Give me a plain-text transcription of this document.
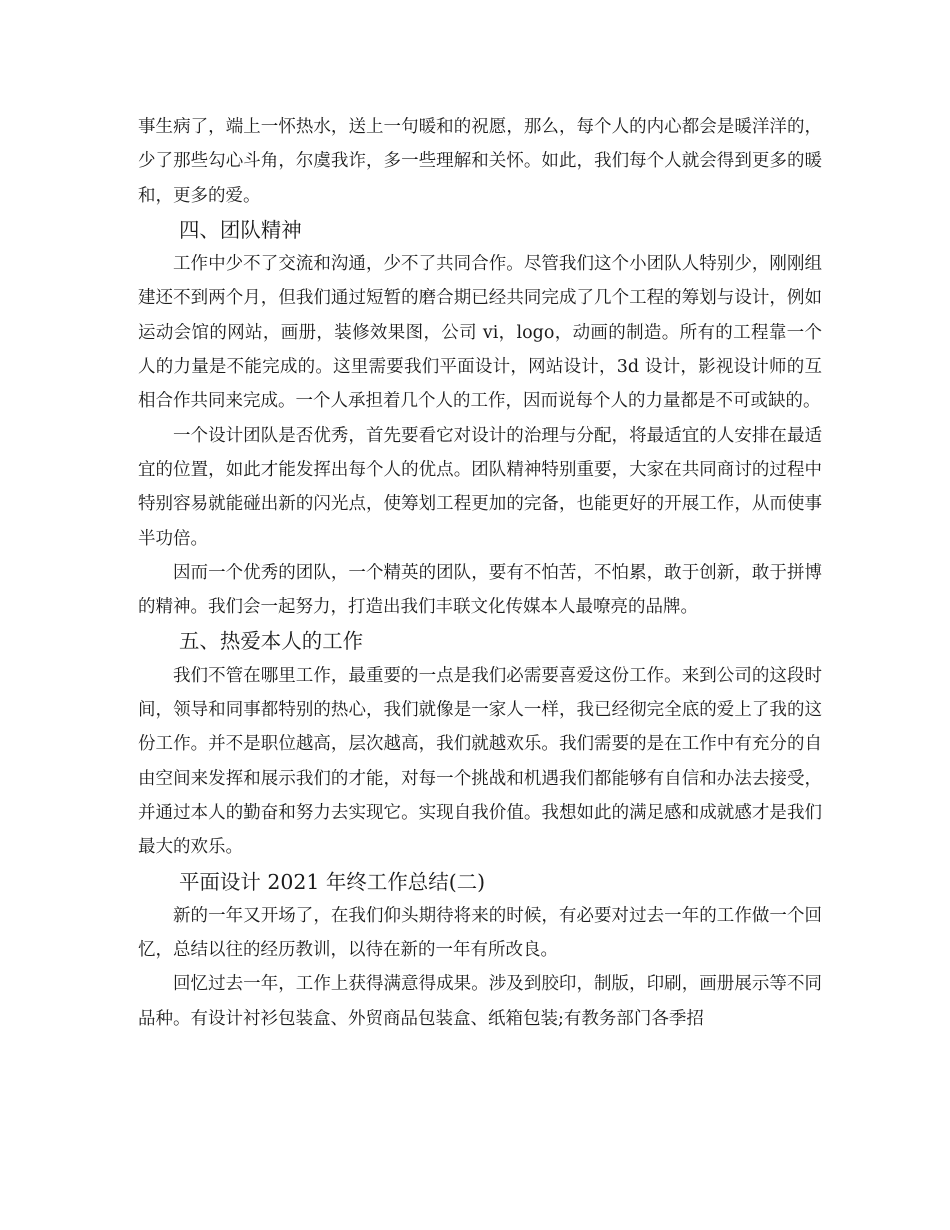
事生病了，端上一怀热水，送上一句暖和的祝愿，那么，每个人的内心都会是暖洋洋的，少了那些勾心斗角，尔虞我诈，多一些理解和关怀。如此，我们每个人就会得到更多的暖和，更多的爱。

四、团队精神

工作中少不了交流和沟通，少不了共同合作。尽管我们这个小团队人特别少，刚刚组建还不到两个月，但我们通过短暂的磨合期已经共同完成了几个工程的筹划与设计，例如运动会馆的网站，画册，装修效果图，公司 vi，logo，动画的制造。所有的工程靠一个人的力量是不能完成的。这里需要我们平面设计，网站设计，3d 设计，影视设计师的互相合作共同来完成。一个人承担着几个人的工作，因而说每个人的力量都是不可或缺的。

一个设计团队是否优秀，首先要看它对设计的治理与分配，将最适宜的人安排在最适宜的位置，如此才能发挥出每个人的优点。团队精神特别重要，大家在共同商讨的过程中特别容易就能碰出新的闪光点，使筹划工程更加的完备，也能更好的开展工作，从而使事半功倍。

因而一个优秀的团队，一个精英的团队，要有不怕苦，不怕累，敢于创新，敢于拼博的精神。我们会一起努力，打造出我们丰联文化传媒本人最嘹亮的品牌。

五、热爱本人的工作

我们不管在哪里工作，最重要的一点是我们必需要喜爱这份工作。来到公司的这段时间，领导和同事都特别的热心，我们就像是一家人一样，我已经彻完全底的爱上了我的这份工作。并不是职位越高，层次越高，我们就越欢乐。我们需要的是在工作中有充分的自由空间来发挥和展示我们的才能，对每一个挑战和机遇我们都能够有自信和办法去接受，并通过本人的勤奋和努力去实现它。实现自我价值。我想如此的满足感和成就感才是我们最大的欢乐。

平面设计 2021 年终工作总结(二)

新的一年又开场了，在我们仰头期待将来的时候，有必要对过去一年的工作做一个回忆，总结以往的经历教训，以待在新的一年有所改良。

回忆过去一年，工作上获得满意得成果。涉及到胶印，制版，印刷，画册展示等不同品种。有设计衬衫包装盒、外贸商品包装盒、纸箱包装;有教务部门各季招
